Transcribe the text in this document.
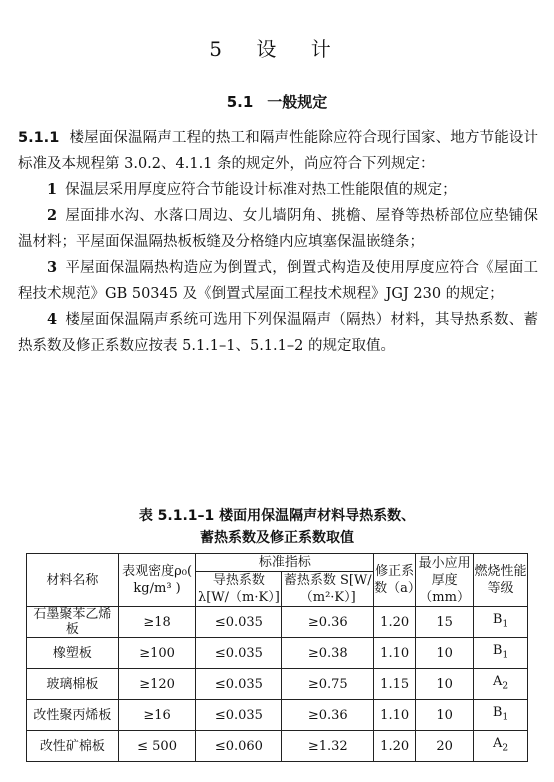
5 设 计
5.1 一般规定

5.1.1 楼屋面保温隔声工程的热工和隔声性能除应符合现行国家、地方节能设计标准及本规程第 3.0.2、4.1.1 条的规定外，尚应符合下列规定：

1 保温层采用厚度应符合节能设计标准对热工性能限值的规定；

2 屋面排水沟、水落口周边、女儿墙阴角、挑檐、屋脊等热桥部位应垫铺保温材料；平屋面保温隔热板板缝及分格缝内应填塞保温嵌缝条；

3 平屋面保温隔热构造应为倒置式，倒置式构造及使用厚度应符合《屋面工程技术规范》GB 50345 及《倒置式屋面工程技术规程》JGJ 230 的规定；

4 楼屋面保温隔声系统可选用下列保温隔声（隔热）材料，其导热系数、蓄热系数及修正系数应按表 5.1.1–1、5.1.1–2 的规定取值。

表 5.1.1–1 楼面用保温隔声材料导热系数、
蓄热系数及修正系数取值
材料名称	表观密度ρ₀( kg/m³ )	标准指标		修正系数（a）	最小应用厚度（mm）	燃烧性能等级
		导热系数 λ[W/（m·K）]	蓄热系数 S[W/（m²·K）]			
石墨聚苯乙烯板	≥18	≤0.035	≥0.36	1.20	15	$B_1$
橡塑板	≥100	≤0.035	≥0.38	1.10	10	$B_1$
玻璃棉板	≥120	≤0.035	≥0.75	1.15	10	$A_2$
改性聚丙烯板	≥16	≤0.035	≥0.36	1.10	10	$B_1$
改性矿棉板	≤ 500	≤0.060	≥1.32	1.20	20	$A_2$
